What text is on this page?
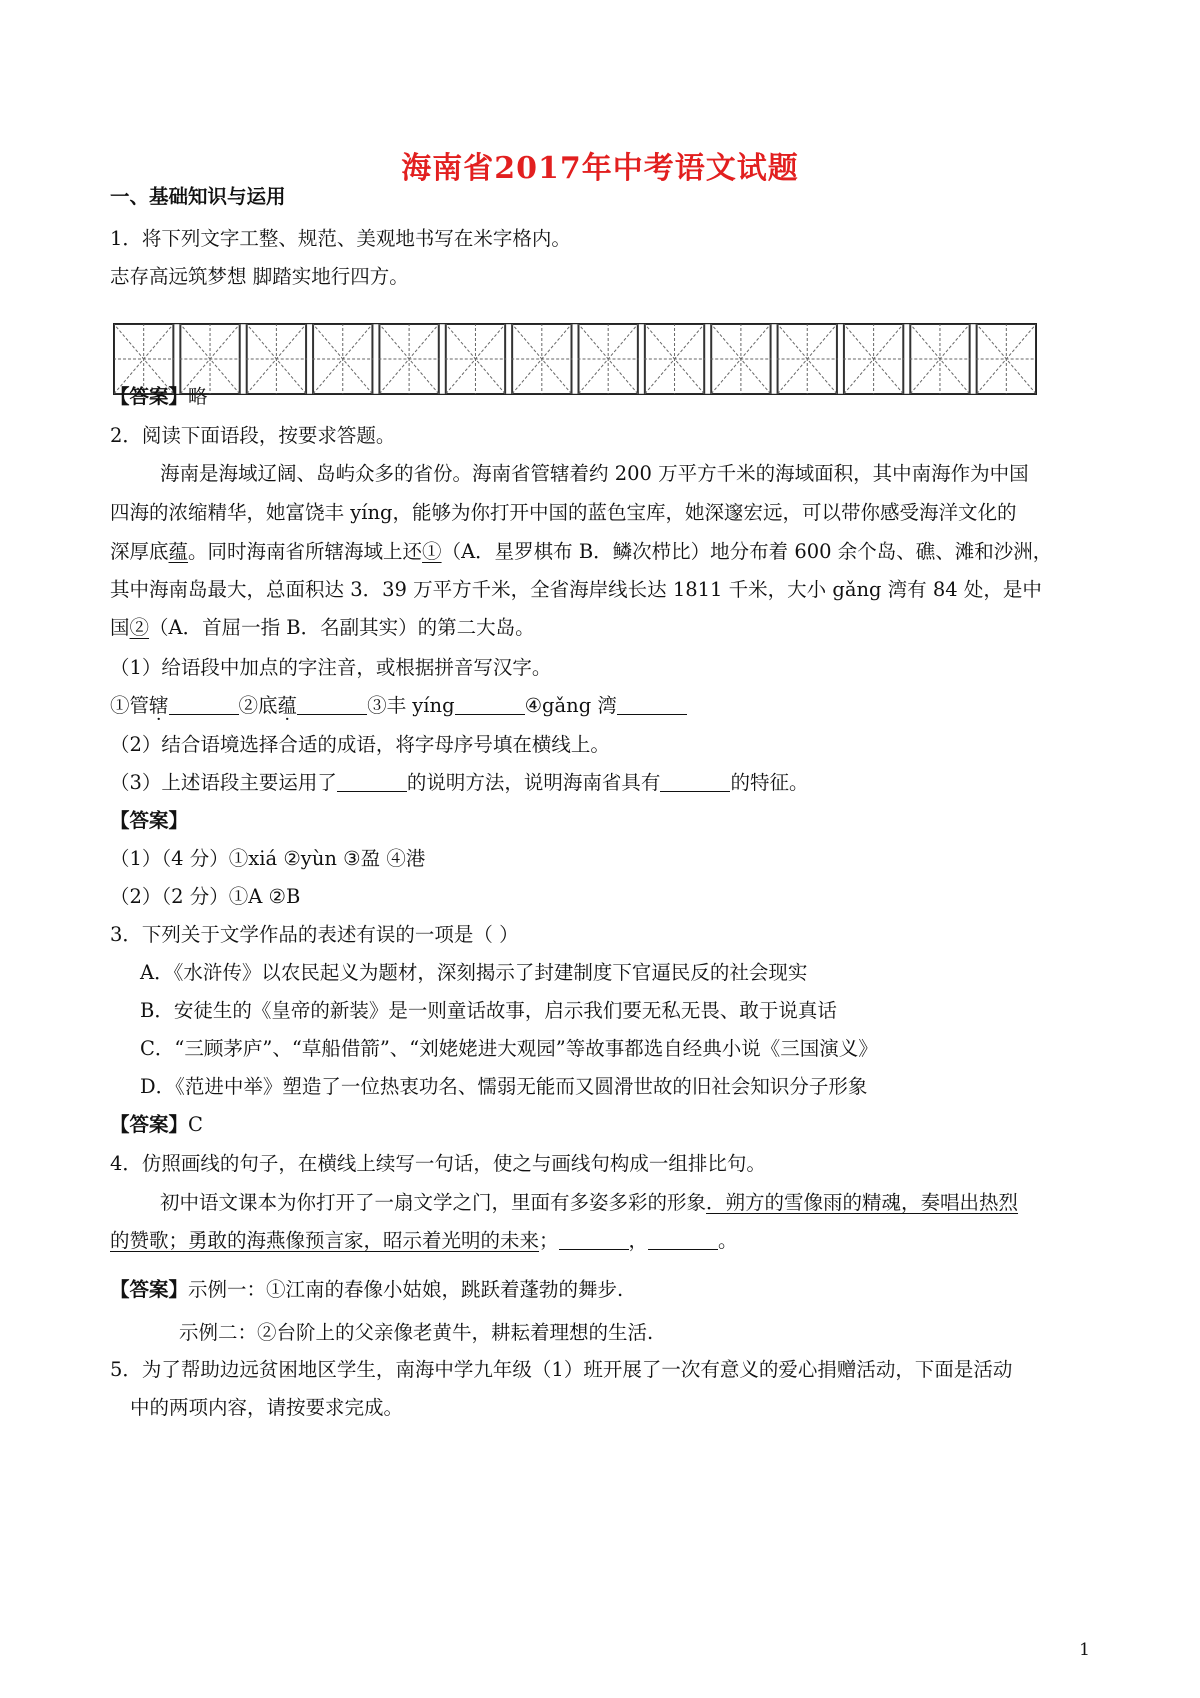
海南省2017年中考语文试题
一、基础知识与运用
1．将下列文字工整、规范、美观地书写在米字格内。
志存高远筑梦想 脚踏实地行四方。
【答案】略
2．阅读下面语段，按要求答题。
海南是海域辽阔、岛屿众多的省份。海南省管辖着约 200 万平方千米的海域面积，其中南海作为中国
四海的浓缩精华，她富饶丰 yíng，能够为你打开中国的蓝色宝库，她深邃宏远，可以带你感受海洋文化的
深厚底蕴。同时海南省所辖海域上还①（A．星罗棋布 B．鳞次栉比）地分布着 600 余个岛、礁、滩和沙洲，
其中海南岛最大，总面积达 3．39 万平方千米，全省海岸线长达 1811 千米，大小 gǎng 湾有 84 处，是中
国②（A．首屈一指 B．名副其实）的第二大岛。
（1）给语段中加点的字注音，或根据拼音写汉字。
①管辖	②底蕴	③丰 yíng	④gǎng 湾
（2）结合语境选择合适的成语，将字母序号填在横线上。
（3）上述语段主要运用了	的说明方法，说明海南省具有	的特征。
【答案】
（1）（4 分）①xiá ②yùn ③盈 ④港
（2）（2 分）①A ②B
3．下列关于文学作品的表述有误的一项是（ ）
A．《水浒传》以农民起义为题材，深刻揭示了封建制度下官逼民反的社会现实
B．安徒生的《皇帝的新装》是一则童话故事，启示我们要无私无畏、敢于说真话
C．“三顾茅庐”、“草船借箭”、“刘姥姥进大观园”等故事都选自经典小说《三国演义》
D．《范进中举》塑造了一位热衷功名、懦弱无能而又圆滑世故的旧社会知识分子形象
【答案】C
4．仿照画线的句子，在横线上续写一句话，使之与画线句构成一组排比句。
初中语文课本为你打开了一扇文学之门，里面有多姿多彩的形象．朔方的雪像雨的精魂，奏唱出热烈
的赞歌；勇敢的海燕像预言家，昭示着光明的未来；	，	。
【答案】示例一：①江南的春像小姑娘，跳跃着蓬勃的舞步.
示例二：②台阶上的父亲像老黄牛，耕耘着理想的生活.
5．为了帮助边远贫困地区学生，南海中学九年级（1）班开展了一次有意义的爱心捐赠活动，下面是活动
中的两项内容，请按要求完成。
1
